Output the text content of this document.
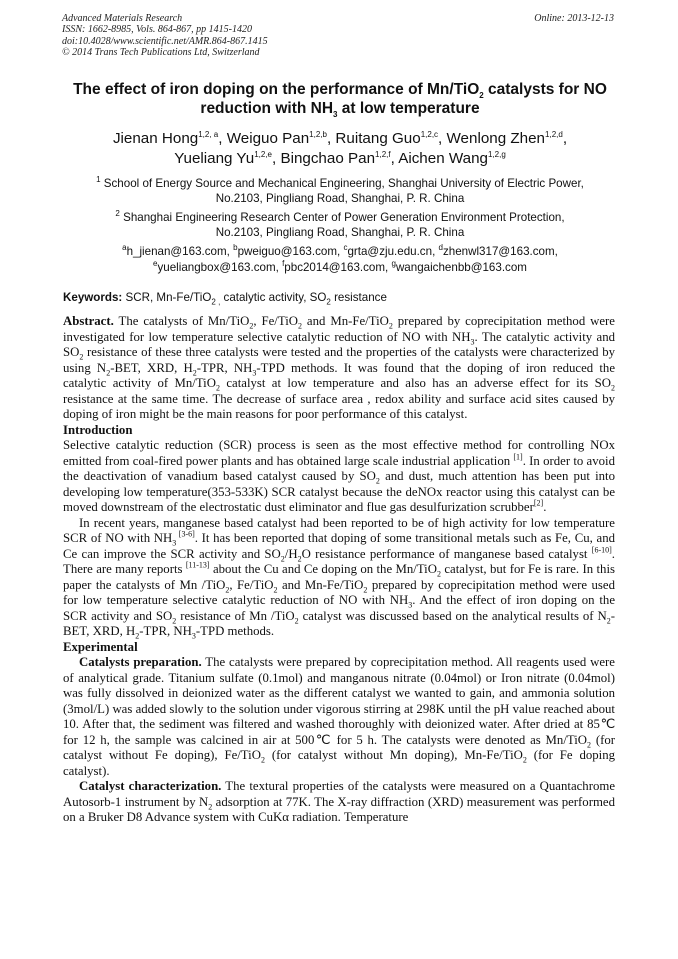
Advanced Materials Research
ISSN: 1662-8985, Vols. 864-867, pp 1415-1420
doi:10.4028/www.scientific.net/AMR.864-867.1415
© 2014 Trans Tech Publications Ltd, Switzerland
Online: 2013-12-13
The effect of iron doping on the performance of Mn/TiO$_2$ catalysts for NO reduction with $NH_3$ at low temperature
Jienan Hong$^{1,2, a}$, Weiguo Pan$^{1,2,b}$, Ruitang Guo$^{1,2,c}$, Wenlong Zhen$^{1,2,d}$,
Yueliang Yu$^{1,2,e}$, Bingchao Pan$^{1,2,f}$, Aichen Wang$^{1,2,g}$
$^1$ School of Energy Source and Mechanical Engineering, Shanghai University of Electric Power,
No.2103, Pingliang Road, Shanghai, P. R. China
$^2$ Shanghai Engineering Research Center of Power Generation Environment Protection,
No.2103, Pingliang Road, Shanghai, P. R. China
$^a$h_jienan@163.com, $^b$pweiguo@163.com, $^c$grta@zju.edu.cn, $^d$zhenwl317@163.com,
$^e$yueliangbox@163.com, $^f$pbc2014@163.com, $^g$wangaichenbb@163.com
Keywords: SCR, Mn-Fe/TiO$_{2 ,}$ catalytic activity, $SO_2$ resistance

Abstract. The catalysts of Mn/TiO$_2$, Fe/TiO$_2$ and Mn-Fe/TiO$_2$ prepared by coprecipitation method were investigated for low temperature selective catalytic reduction of NO with $NH_3$. The catalytic activity and $SO_2$ resistance of these three catalysts were tested and the properties of the catalysts were characterized by using $N_2$-BET, XRD, $H_2$-TPR, $NH_3$-TPD methods. It was found that the doping of iron reduced the catalytic activity of Mn/TiO$_2$ catalyst at low temperature and also has an adverse effect for its $SO_2$ resistance at the same time. The decrease of surface area , redox ability and surface acid sites caused by doping of iron might be the main reasons for poor performance of this catalyst.

Introduction

Selective catalytic reduction (SCR) process is seen as the most effective method for controlling NOx emitted from coal-fired power plants and has obtained large scale industrial application [1]. In order to avoid the deactivation of vanadium based catalyst caused by $SO_2$ and dust, much attention has been put into developing low temperature(353-533K) SCR catalyst because the deNOx reactor using this catalyst can be moved downstream of the electrostatic dust eliminator and flue gas desulfurization scrubber[2].

In recent years, manganese based catalyst had been reported to be of high activity for low temperature SCR of NO with $NH_3$ [3-6]. It has been reported that doping of some transitional metals such as Fe, Cu, and Ce can improve the SCR activity and $SO_2/H_2O$ resistance performance of manganese based catalyst [6-10]. There are many reports [11-13] about the Cu and Ce doping on the Mn/TiO$_2$ catalyst, but for Fe is rare. In this paper the catalysts of Mn /TiO$_2$, Fe/TiO$_2$ and Mn-Fe/TiO$_2$ prepared by coprecipitation method were used for low temperature selective catalytic reduction of NO with $NH_3$. And the effect of iron doping on the SCR activity and $SO_2$ resistance of Mn /TiO$_2$ catalyst was discussed based on the analytical results of $N_2$-BET, XRD, $H_2$-TPR, $NH_3$-TPD methods.

Experimental

Catalysts preparation. The catalysts were prepared by coprecipitation method. All reagents used were of analytical grade. Titanium sulfate (0.1mol) and manganous nitrate (0.04mol) or Iron nitrate (0.04mol) was fully dissolved in deionized water as the different catalyst we wanted to gain, and ammonia solution (3mol/L) was added slowly to the solution under vigorous stirring at 298K until the pH value reached about 10. After that, the sediment was filtered and washed thoroughly with deionized water. After dried at 85℃ for 12 h, the sample was calcined in air at 500℃ for 5 h. The catalysts were denoted as Mn/TiO$_2$ (for catalyst without Fe doping), Fe/TiO$_2$ (for catalyst without Mn doping), Mn-Fe/TiO$_2$ (for Fe doping catalyst).

Catalyst characterization. The textural properties of the catalysts were measured on a Quantachrome Autosorb-1 instrument by $N_2$ adsorption at 77K. The X-ray diffraction (XRD) measurement was performed on a Bruker D8 Advance system with CuKα radiation. Temperature
